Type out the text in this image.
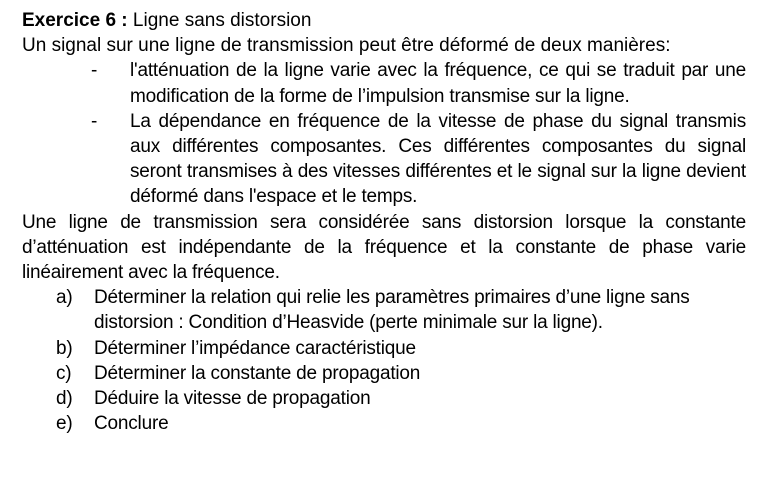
Exercice 6 : Ligne sans distorsion
Un signal sur une ligne de transmission peut être déformé de deux manières:
- l'atténuation de la ligne varie avec la fréquence, ce qui se traduit par une modification de la forme de l’impulsion transmise sur la ligne.
- La dépendance en fréquence de la vitesse de phase du signal transmis aux différentes composantes. Ces différentes composantes du signal seront transmises à des vitesses différentes et le signal sur la ligne devient déformé dans l'espace et le temps.
Une ligne de transmission sera considérée sans distorsion lorsque la constante d’atténuation est indépendante de la fréquence et la constante de phase varie linéairement avec la fréquence.
a) Déterminer la relation qui relie les paramètres primaires d’une ligne sans distorsion : Condition d’Heasvide (perte minimale sur la ligne).
b) Déterminer l’impédance caractéristique
c) Déterminer la constante de propagation
d) Déduire la vitesse de propagation
e) Conclure
